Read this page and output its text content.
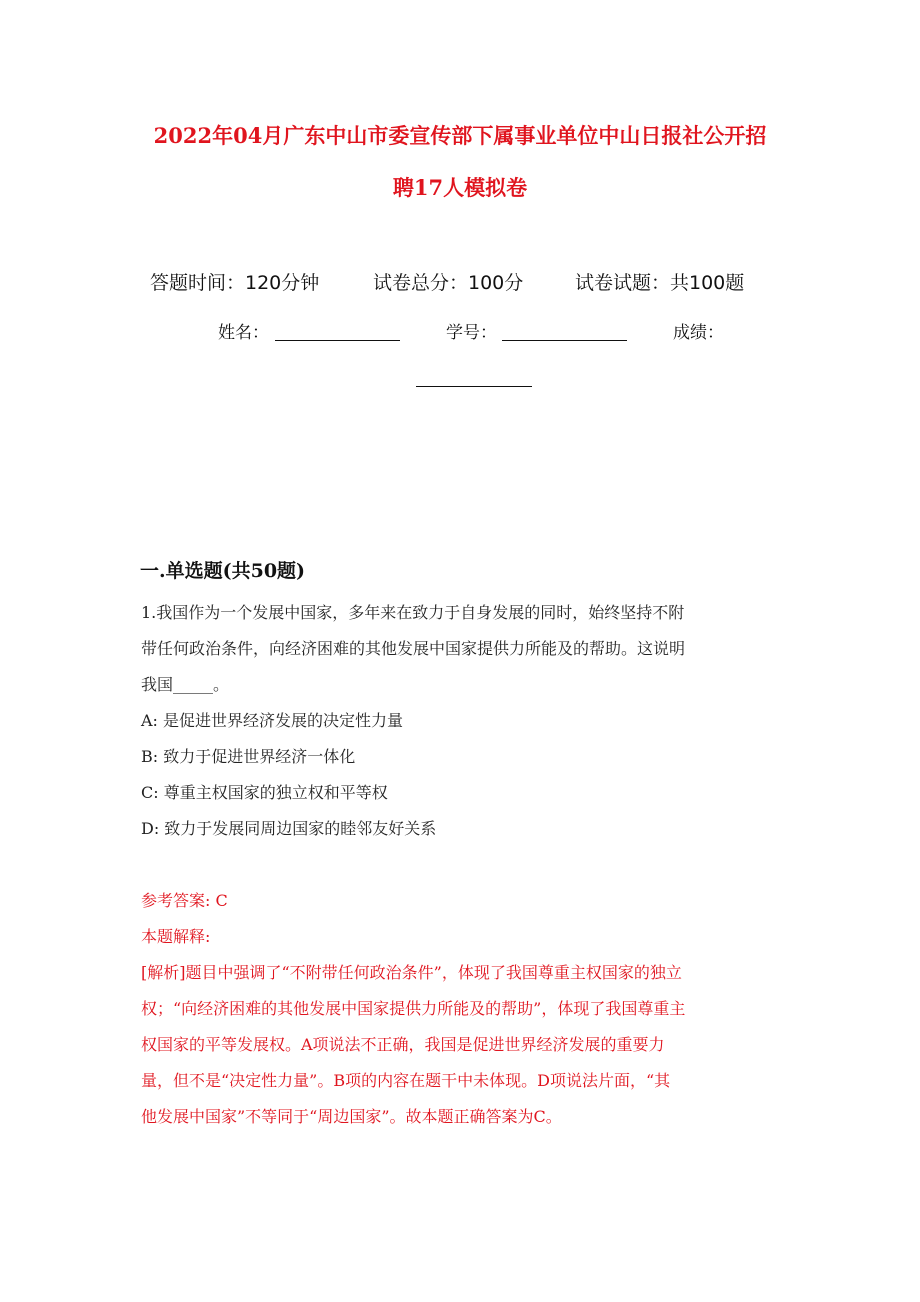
2022年04月广东中山市委宣传部下属事业单位中山日报社公开招
聘17人模拟卷
答题时间：120分钟	试卷总分：100分	试卷试题：共100题
姓名：	学号：	成绩：
一.单选题(共50题)
1.我国作为一个发展中国家，多年来在致力于自身发展的同时，始终坚持不附
带任何政治条件，向经济困难的其他发展中国家提供力所能及的帮助。这说明
我国_____。
A: 是促进世界经济发展的决定性力量
B: 致力于促进世界经济一体化
C: 尊重主权国家的独立权和平等权
D: 致力于发展同周边国家的睦邻友好关系
参考答案: C
本题解释:
[解析]题目中强调了“不附带任何政治条件”，体现了我国尊重主权国家的独立
权；“向经济困难的其他发展中国家提供力所能及的帮助”，体现了我国尊重主
权国家的平等发展权。A项说法不正确，我国是促进世界经济发展的重要力
量，但不是“决定性力量”。B项的内容在题干中未体现。D项说法片面，“其
他发展中国家”不等同于“周边国家”。故本题正确答案为C。
